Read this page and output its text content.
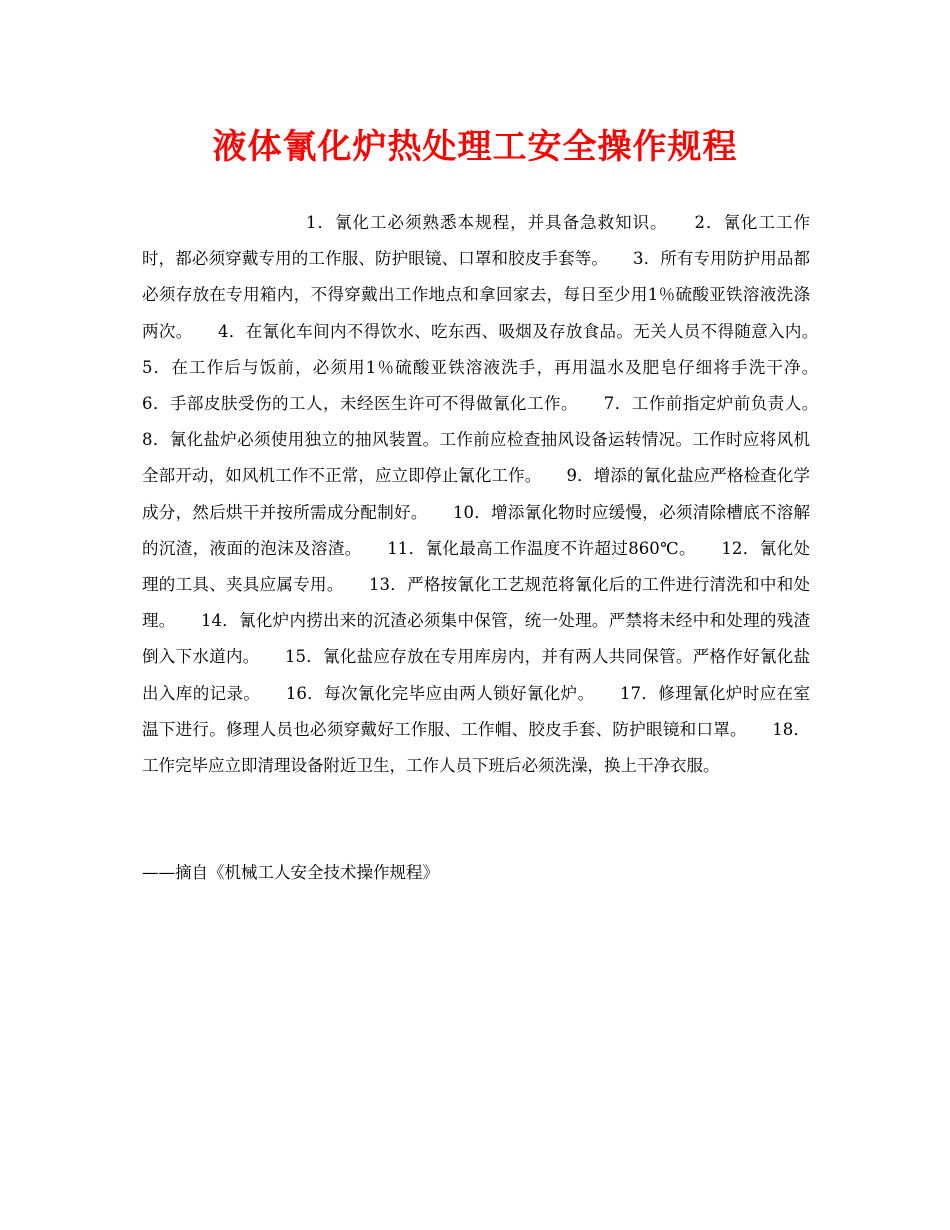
液体氰化炉热处理工安全操作规程

1．氰化工必须熟悉本规程，并具备急救知识。　　2．氰化工工作时，都必须穿戴专用的工作服、防护眼镜、口罩和胶皮手套等。　　3．所有专用防护用品都必须存放在专用箱内，不得穿戴出工作地点和拿回家去，每日至少用1％硫酸亚铁溶液洗涤两次。　　4．在氰化车间内不得饮水、吃东西、吸烟及存放食品。无关人员不得随意入内。　　5．在工作后与饭前，必须用1％硫酸亚铁溶液洗手，再用温水及肥皂仔细将手洗干净。　　6．手部皮肤受伤的工人，未经医生许可不得做氰化工作。　　7．工作前指定炉前负责人。　　8．氰化盐炉必须使用独立的抽风装置。工作前应检查抽风设备运转情况。工作时应将风机全部开动，如风机工作不正常，应立即停止氰化工作。　　9．增添的氰化盐应严格检查化学成分，然后烘干并按所需成分配制好。　　10．增添氰化物时应缓慢，必须清除槽底不溶解的沉渣，液面的泡沫及溶渣。　　11．氰化最高工作温度不许超过860℃。　　12．氰化处理的工具、夹具应属专用。　　13．严格按氰化工艺规范将氰化后的工件进行清洗和中和处理。　　14．氰化炉内捞出来的沉渣必须集中保管，统一处理。严禁将未经中和处理的残渣倒入下水道内。　　15．氰化盐应存放在专用库房内，并有两人共同保管。严格作好氰化盐出入库的记录。　　16．每次氰化完毕应由两人锁好氰化炉。　　17．修理氰化炉时应在室温下进行。修理人员也必须穿戴好工作服、工作帽、胶皮手套、防护眼镜和口罩。　　18．工作完毕应立即清理设备附近卫生，工作人员下班后必须洗澡，换上干净衣服。

——摘自《机械工人安全技术操作规程》
